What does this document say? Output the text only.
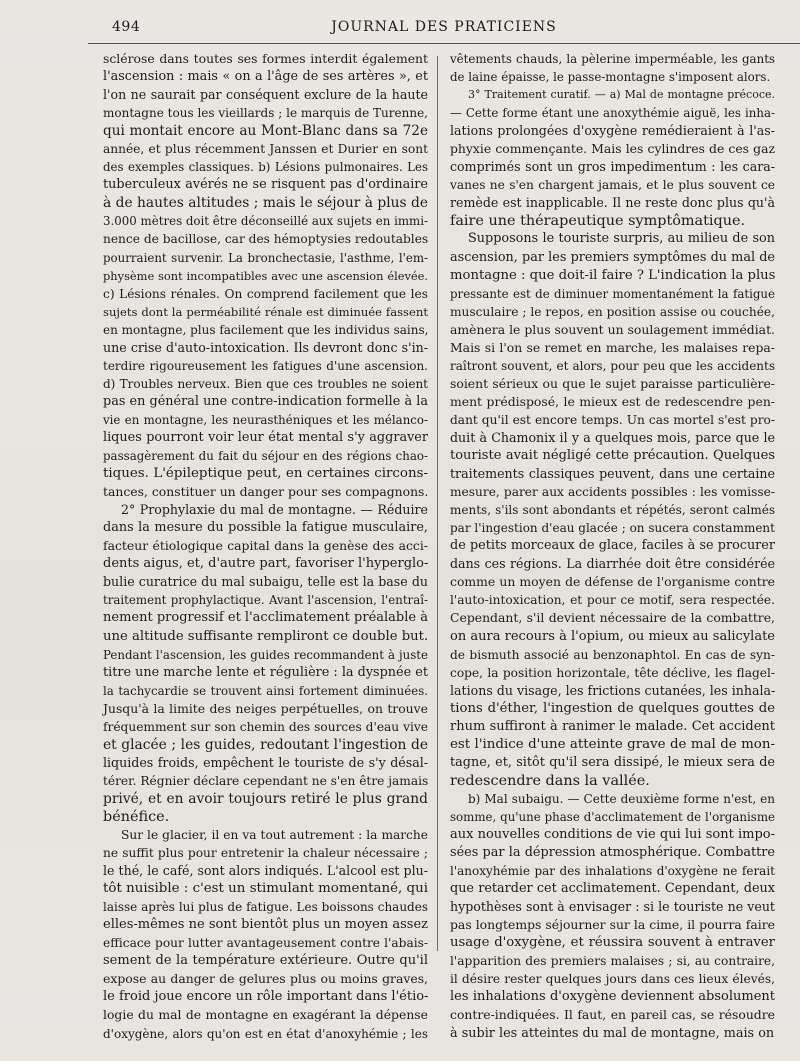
494	JOURNAL DES PRATICIENS
sclérose dans toutes ses formes interdit également
l'ascension : mais « on a l'âge de ses artères », et
l'on ne saurait par conséquent exclure de la haute
montagne tous les vieillards ; le marquis de Turenne,
qui montait encore au Mont-Blanc dans sa 72e
année, et plus récemment Janssen et Durier en sont
des exemples classiques. b) Lésions pulmonaires. Les
tuberculeux avérés ne se risquent pas d'ordinaire
à de hautes altitudes ; mais le séjour à plus de
3.000 mètres doit être déconseillé aux sujets en immi-
nence de bacillose, car des hémoptysies redoutables
pourraient survenir. La bronchectasie, l'asthme, l'em-
physème sont incompatibles avec une ascension élevée.
c) Lésions rénales. On comprend facilement que les
sujets dont la perméabilité rénale est diminuée fassent
en montagne, plus facilement que les individus sains,
une crise d'auto-intoxication. Ils devront donc s'in-
terdire rigoureusement les fatigues d'une ascension.
d) Troubles nerveux. Bien que ces troubles ne soient
pas en général une contre-indication formelle à la
vie en montagne, les neurasthéniques et les mélanco-
liques pourront voir leur état mental s'y aggraver
passagèrement du fait du séjour en des régions chao-
tiques. L'épileptique peut, en certaines circons-
tances, constituer un danger pour ses compagnons.
2° Prophylaxie du mal de montagne. — Réduire
dans la mesure du possible la fatigue musculaire,
facteur étiologique capital dans la genèse des acci-
dents aigus, et, d'autre part, favoriser l'hyperglo-
bulie curatrice du mal subaigu, telle est la base du
traitement prophylactique. Avant l'ascension, l'entraî-
nement progressif et l'acclimatement préalable à
une altitude suffisante rempliront ce double but.
Pendant l'ascension, les guides recommandent à juste
titre une marche lente et régulière : la dyspnée et
la tachycardie se trouvent ainsi fortement diminuées.
Jusqu'à la limite des neiges perpétuelles, on trouve
fréquemment sur son chemin des sources d'eau vive
et glacée ; les guides, redoutant l'ingestion de
liquides froids, empêchent le touriste de s'y désal-
térer. Régnier déclare cependant ne s'en être jamais
privé, et en avoir toujours retiré le plus grand
bénéfice.
Sur le glacier, il en va tout autrement : la marche
ne suffit plus pour entretenir la chaleur nécessaire ;
le thé, le café, sont alors indiqués. L'alcool est plu-
tôt nuisible : c'est un stimulant momentané, qui
laisse après lui plus de fatigue. Les boissons chaudes
elles-mêmes ne sont bientôt plus un moyen assez
efficace pour lutter avantageusement contre l'abais-
sement de la température extérieure. Outre qu'il
expose au danger de gelures plus ou moins graves,
le froid joue encore un rôle important dans l'étio-
logie du mal de montagne en exagérant la dépense
d'oxygène, alors qu'on est en état d'anoxyhémie ; les
vêtements chauds, la pèlerine imperméable, les gants
de laine épaisse, le passe-montagne s'imposent alors.
3° Traitement curatif. — a) Mal de montagne précoce.
— Cette forme étant une anoxythémie aiguë, les inha-
lations prolongées d'oxygène remédieraient à l'as-
phyxie commençante. Mais les cylindres de ces gaz
comprimés sont un gros impedimentum : les cara-
vanes ne s'en chargent jamais, et le plus souvent ce
remède est inapplicable. Il ne reste donc plus qu'à
faire une thérapeutique symptômatique.
Supposons le touriste surpris, au milieu de son
ascension, par les premiers symptômes du mal de
montagne : que doit-il faire ? L'indication la plus
pressante est de diminuer momentanément la fatigue
musculaire ; le repos, en position assise ou couchée,
amènera le plus souvent un soulagement immédiat.
Mais si l'on se remet en marche, les malaises repa-
raîtront souvent, et alors, pour peu que les accidents
soient sérieux ou que le sujet paraisse particulière-
ment prédisposé, le mieux est de redescendre pen-
dant qu'il est encore temps. Un cas mortel s'est pro-
duit à Chamonix il y a quelques mois, parce que le
touriste avait négligé cette précaution. Quelques
traitements classiques peuvent, dans une certaine
mesure, parer aux accidents possibles : les vomisse-
ments, s'ils sont abondants et répétés, seront calmés
par l'ingestion d'eau glacée ; on sucera constamment
de petits morceaux de glace, faciles à se procurer
dans ces régions. La diarrhée doit être considérée
comme un moyen de défense de l'organisme contre
l'auto-intoxication, et pour ce motif, sera respectée.
Cependant, s'il devient nécessaire de la combattre,
on aura recours à l'opium, ou mieux au salicylate
de bismuth associé au benzonaphtol. En cas de syn-
cope, la position horizontale, tête déclive, les flagel-
lations du visage, les frictions cutanées, les inhala-
tions d'éther, l'ingestion de quelques gouttes de
rhum suffiront à ranimer le malade. Cet accident
est l'indice d'une atteinte grave de mal de mon-
tagne, et, sitôt qu'il sera dissipé, le mieux sera de
redescendre dans la vallée.
b) Mal subaigu. — Cette deuxième forme n'est, en
somme, qu'une phase d'acclimatement de l'organisme
aux nouvelles conditions de vie qui lui sont impo-
sées par la dépression atmosphérique. Combattre
l'anoxyhémie par des inhalations d'oxygène ne ferait
que retarder cet acclimatement. Cependant, deux
hypothèses sont à envisager : si le touriste ne veut
pas longtemps séjourner sur la cime, il pourra faire
usage d'oxygène, et réussira souvent à entraver
l'apparition des premiers malaises ; si, au contraire,
il désire rester quelques jours dans ces lieux élevés,
les inhalations d'oxygène deviennent absolument
contre-indiquées. Il faut, en pareil cas, se résoudre
à subir les atteintes du mal de montagne, mais on
